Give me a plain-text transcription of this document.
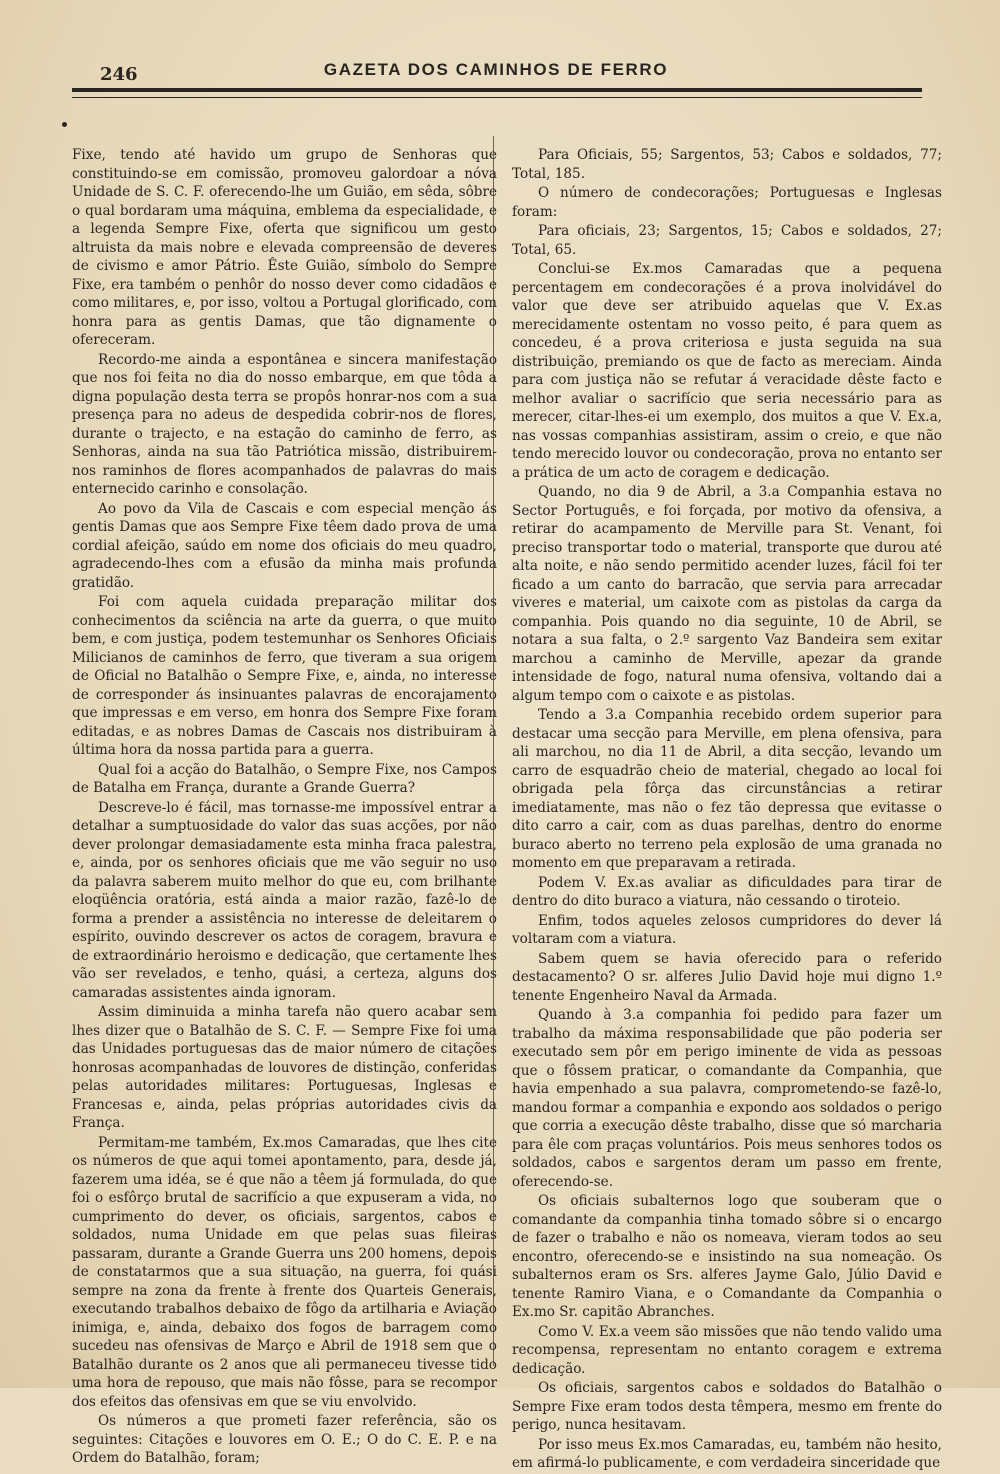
246	GAZETA DOS CAMINHOS DE FERRO

Fixe, tendo até havido um grupo de Senhoras que constituindo-se em comissão, promoveu galordoar a nóva Unidade de S. C. F. oferecendo-lhe um Guião, em sêda, sôbre o qual bordaram uma máquina, emblema da especialidade, e a legenda Sempre Fixe, oferta que significou um gesto altruista da mais nobre e elevada compreensão de deveres de civismo e amor Pátrio. Êste Guião, símbolo do Sempre Fixe, era também o penhôr do nosso dever como cidadãos e como militares, e, por isso, voltou a Portugal glorificado, com honra para as gentis Damas, que tão dignamente o ofereceram.

Recordo-me ainda a espontânea e sincera manifestação que nos foi feita no dia do nosso embarque, em que tôda a digna população desta terra se propôs honrar-nos com a sua presença para no adeus de despedida cobrir-nos de flores, durante o trajecto, e na estação do caminho de ferro, as Senhoras, ainda na sua tão Patriótica missão, distribuirem-nos raminhos de flores acompanhados de palavras do mais enternecido carinho e consolação.

Ao povo da Vila de Cascais e com especial menção ás gentis Damas que aos Sempre Fixe têem dado prova de uma cordial afeição, saúdo em nome dos oficiais do meu quadro, agradecendo-lhes com a efusão da minha mais profunda gratidão.

Foi com aquela cuidada preparação militar dos conhecimentos da sciência na arte da guerra, o que muito bem, e com justiça, podem testemunhar os Senhores Oficiais Milicianos de caminhos de ferro, que tiveram a sua origem de Oficial no Batalhão o Sempre Fixe, e, ainda, no interesse de corresponder ás insinuantes palavras de encorajamento que impressas e em verso, em honra dos Sempre Fixe foram editadas, e as nobres Damas de Cascais nos distribuiram à última hora da nossa partida para a guerra.

Qual foi a acção do Batalhão, o Sempre Fixe, nos Campos de Batalha em França, durante a Grande Guerra?

Descreve-lo é fácil, mas tornasse-me impossível entrar a detalhar a sumptuosidade do valor das suas acções, por não dever prolongar demasiadamente esta minha fraca palestra, e, ainda, por os senhores oficiais que me vão seguir no uso da palavra saberem muito melhor do que eu, com brilhante eloqüência oratória, está ainda a maior razão, fazê-lo de forma a prender a assistência no interesse de deleitarem o espírito, ouvindo descrever os actos de coragem, bravura e de extraordinário heroismo e dedicação, que certamente lhes vão ser revelados, e tenho, quási, a certeza, alguns dos camaradas assistentes ainda ignoram.

Assim diminuida a minha tarefa não quero acabar sem lhes dizer que o Batalhão de S. C. F. — Sempre Fixe foi uma das Unidades portuguesas das de maior número de citações honrosas acompanhadas de louvores de distinção, conferidas pelas autoridades militares: Portuguesas, Inglesas e Francesas e, ainda, pelas próprias autoridades civis da França.

Permitam-me também, Ex.mos Camaradas, que lhes cite os números de que aqui tomei apontamento, para, desde já, fazerem uma idéa, se é que não a têem já formulada, do que foi o esfôrço brutal de sacrifício a que expuseram a vida, no cumprimento do dever, os oficiais, sargentos, cabos e soldados, numa Unidade em que pelas suas fileiras passaram, durante a Grande Guerra uns 200 homens, depois de constatarmos que a sua situação, na guerra, foi quási sempre na zona da frente à frente dos Quarteis Generais, executando trabalhos debaixo de fôgo da artilharia e Aviação inimiga, e, ainda, debaixo dos fogos de barragem como sucedeu nas ofensivas de Março e Abril de 1918 sem que o Batalhão durante os 2 anos que ali permaneceu tivesse tido uma hora de repouso, que mais não fôsse, para se recompor dos efeitos das ofensivas em que se viu envolvido.

Os números a que prometi fazer referência, são os seguintes: Citações e louvores em O. E.; O do C. E. P. e na Ordem do Batalhão, foram;

Para Oficiais, 55; Sargentos, 53; Cabos e soldados, 77; Total, 185.

O número de condecorações; Portuguesas e Inglesas foram:

Para oficiais, 23; Sargentos, 15; Cabos e soldados, 27; Total, 65.

Conclui-se Ex.mos Camaradas que a pequena percentagem em condecorações é a prova inolvidável do valor que deve ser atribuido aquelas que V. Ex.as merecidamente ostentam no vosso peito, é para quem as concedeu, é a prova criteriosa e justa seguida na sua distribuição, premiando os que de facto as mereciam. Ainda para com justiça não se refutar á veracidade dêste facto e melhor avaliar o sacrifício que seria necessário para as merecer, citar-lhes-ei um exemplo, dos muitos a que V. Ex.a, nas vossas companhias assistiram, assim o creio, e que não tendo merecido louvor ou condecoração, prova no entanto ser a prática de um acto de coragem e dedicação.

Quando, no dia 9 de Abril, a 3.a Companhia estava no Sector Português, e foi forçada, por motivo da ofensiva, a retirar do acampamento de Merville para St. Venant, foi preciso transportar todo o material, transporte que durou até alta noite, e não sendo permitido acender luzes, fácil foi ter ficado a um canto do barracão, que servia para arrecadar viveres e material, um caixote com as pistolas da carga da companhia. Pois quando no dia seguinte, 10 de Abril, se notara a sua falta, o 2.º sargento Vaz Bandeira sem exitar marchou a caminho de Merville, apezar da grande intensidade de fogo, natural numa ofensiva, voltando dai a algum tempo com o caixote e as pistolas.

Tendo a 3.a Companhia recebido ordem superior para destacar uma secção para Merville, em plena ofensiva, para ali marchou, no dia 11 de Abril, a dita secção, levando um carro de esquadrão cheio de material, chegado ao local foi obrigada pela fôrça das circunstâncias a retirar imediatamente, mas não o fez tão depressa que evitasse o dito carro a cair, com as duas parelhas, dentro do enorme buraco aberto no terreno pela explosão de uma granada no momento em que preparavam a retirada.

Podem V. Ex.as avaliar as dificuldades para tirar de dentro do dito buraco a viatura, não cessando o tiroteio.

Enfim, todos aqueles zelosos cumpridores do dever lá voltaram com a viatura.

Sabem quem se havia oferecido para o referido destacamento? O sr. alferes Julio David hoje mui digno 1.º tenente Engenheiro Naval da Armada.

Quando à 3.a companhia foi pedido para fazer um trabalho da máxima responsabilidade que pão poderia ser executado sem pôr em perigo iminente de vida as pessoas que o fôssem praticar, o comandante da Companhia, que havia empenhado a sua palavra, comprometendo-se fazê-lo, mandou formar a companhia e expondo aos soldados o perigo que corria a execução dêste trabalho, disse que só marcharia para êle com praças voluntários. Pois meus senhores todos os soldados, cabos e sargentos deram um passo em frente, oferecendo-se.

Os oficiais subalternos logo que souberam que o comandante da companhia tinha tomado sôbre si o encargo de fazer o trabalho e não os nomeava, vieram todos ao seu encontro, oferecendo-se e insistindo na sua nomeação. Os subalternos eram os Srs. alferes Jayme Galo, Júlio David e tenente Ramiro Viana, e o Comandante da Companhia o Ex.mo Sr. capitão Abranches.

Como V. Ex.a veem são missões que não tendo valido uma recompensa, representam no entanto coragem e extrema dedicação.

Os oficiais, sargentos cabos e soldados do Batalhão o Sempre Fixe eram todos desta têmpera, mesmo em frente do perigo, nunca hesitavam.

Por isso meus Ex.mos Camaradas, eu, também não hesito, em afirmá-lo publicamente, e com verdadeira sinceridade que
